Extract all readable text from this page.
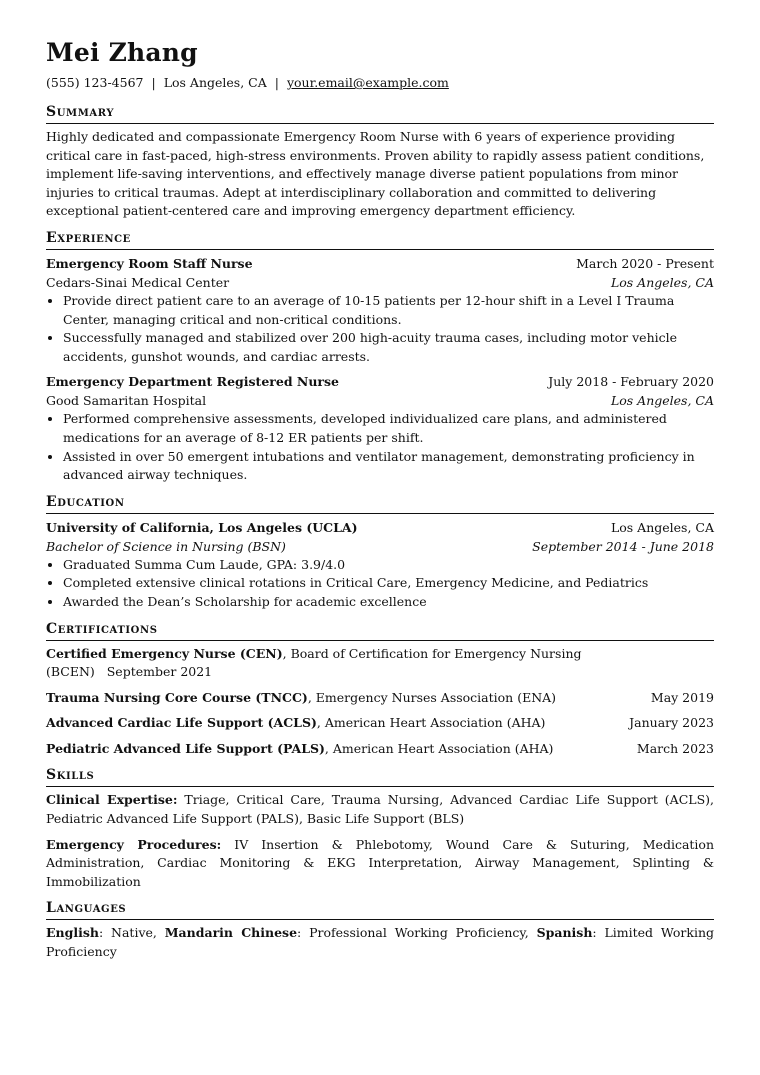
Mei Zhang
(555) 123-4567 | Los Angeles, CA | your.email@example.com
Summary

Highly dedicated and compassionate Emergency Room Nurse with 6 years of experience providing critical care in fast-paced, high-stress environments. Proven ability to rapidly assess patient conditions, implement life-saving interventions, and effectively manage diverse patient populations from minor injuries to critical traumas. Adept at interdisciplinary collaboration and committed to delivering exceptional patient-centered care and improving emergency department efficiency.

Experience
Emergency Room Staff Nurse	March 2020 - Present
Cedars-Sinai Medical Center	Los Angeles, CA
• Provide direct patient care to an average of 10-15 patients per 12-hour shift in a Level I Trauma Center, managing critical and non-critical conditions.
• Successfully managed and stabilized over 200 high-acuity trauma cases, including motor vehicle accidents, gunshot wounds, and cardiac arrests.
Emergency Department Registered Nurse	July 2018 - February 2020
Good Samaritan Hospital	Los Angeles, CA
• Performed comprehensive assessments, developed individualized care plans, and administered medications for an average of 8-12 ER patients per shift.
• Assisted in over 50 emergent intubations and ventilator management, demonstrating proficiency in advanced airway techniques.
Education
University of California, Los Angeles (UCLA)	Los Angeles, CA
Bachelor of Science in Nursing (BSN)	September 2014 - June 2018
• Graduated Summa Cum Laude, GPA: 3.9/4.0
• Completed extensive clinical rotations in Critical Care, Emergency Medicine, and Pediatrics
• Awarded the Dean’s Scholarship for academic excellence
Certifications
Certified Emergency Nurse (CEN), Board of Certification for Emergency Nursing (BCEN) September 2021
Trauma Nursing Core Course (TNCC), Emergency Nurses Association (ENA)	May 2019
Advanced Cardiac Life Support (ACLS), American Heart Association (AHA)	January 2023
Pediatric Advanced Life Support (PALS), American Heart Association (AHA)	March 2023
Skills

Clinical Expertise: Triage, Critical Care, Trauma Nursing, Advanced Cardiac Life Support (ACLS), Pediatric Advanced Life Support (PALS), Basic Life Support (BLS)

Emergency Procedures: IV Insertion & Phlebotomy, Wound Care & Suturing, Medication Administration, Cardiac Monitoring & EKG Interpretation, Airway Management, Splinting & Immobilization

Languages

English: Native, Mandarin Chinese: Professional Working Proficiency, Spanish: Limited Working Proficiency
